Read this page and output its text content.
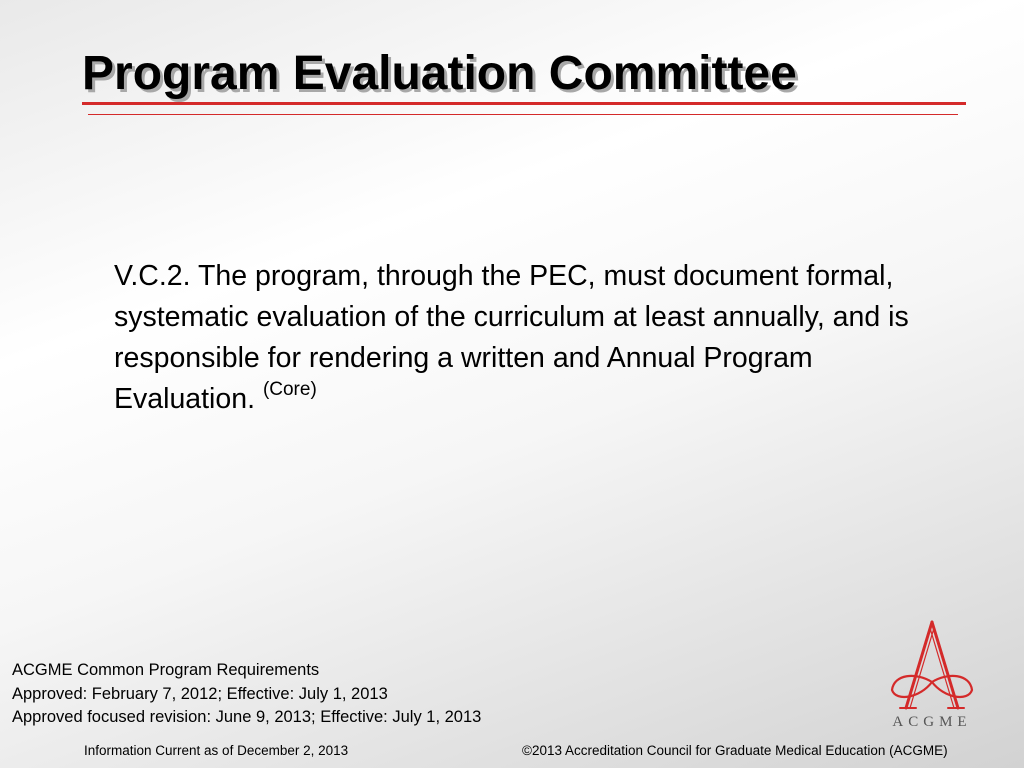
Program Evaluation Committee

V.C.2. The program, through the PEC, must document formal, systematic evaluation of the curriculum at least annually, and is responsible for rendering a written and Annual Program Evaluation. $^{(Core)}$

ACGME Common Program Requirements
Approved: February 7, 2012; Effective: July 1, 2013
Approved focused revision: June 9, 2013; Effective: July 1, 2013
Information Current as of December 2, 2013	©2013 Accreditation Council for Graduate Medical Education (ACGME)
ACGME
